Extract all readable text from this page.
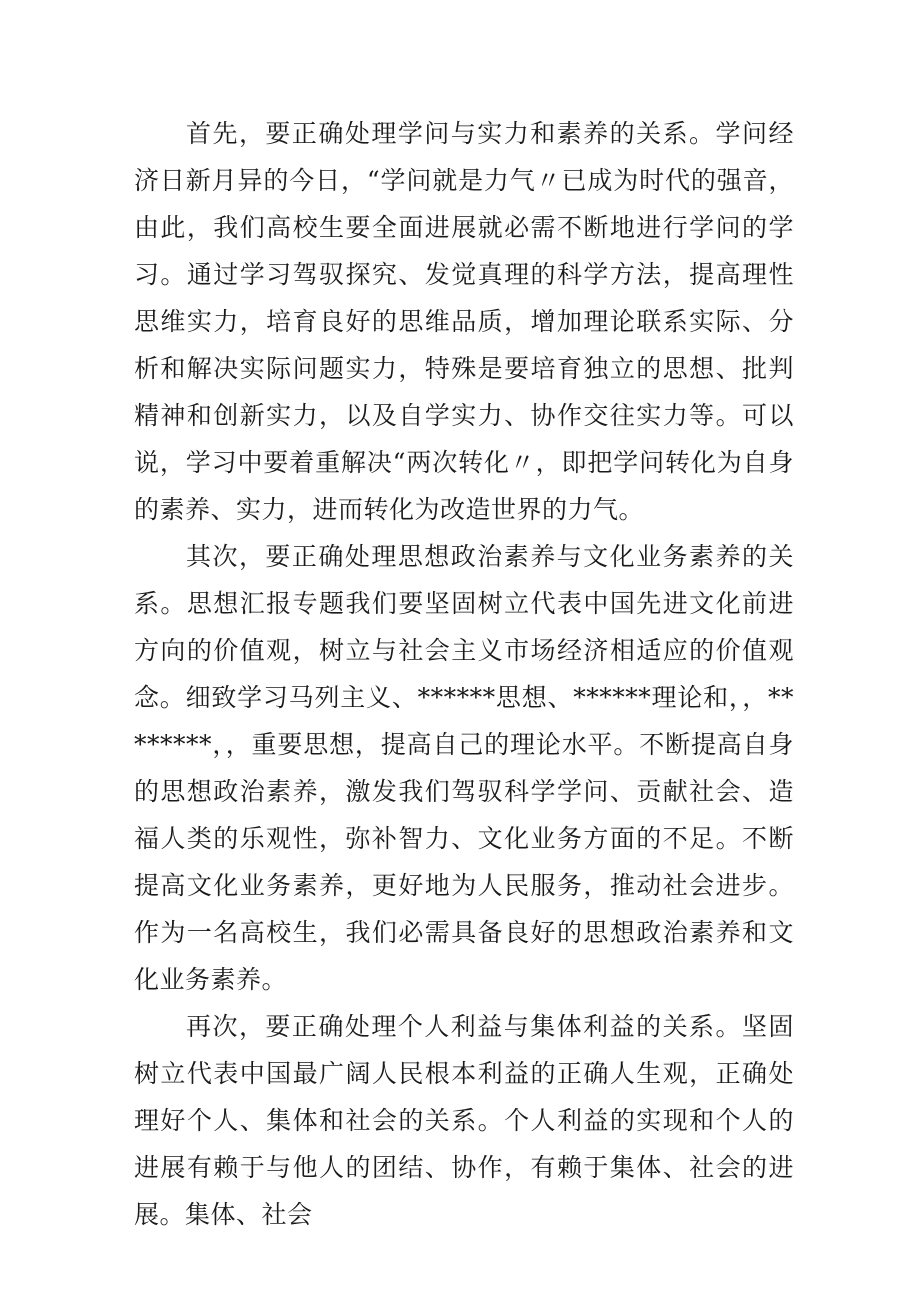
首先，要正确处理学问与实力和素养的关系。学问经济日新月异的今日，“学问就是力气〃已成为时代的强音，由此，我们高校生要全面进展就必需不断地进行学问的学习。通过学习驾驭探究、发觉真理的科学方法，提高理性思维实力，培育良好的思维品质，增加理论联系实际、分析和解决实际问题实力，特殊是要培育独立的思想、批判精神和创新实力，以及自学实力、协作交往实力等。可以说，学习中要着重解决“两次转化〃，即把学问转化为自身的素养、实力，进而转化为改造世界的力气。

其次，要正确处理思想政治素养与文化业务素养的关系。思想汇报专题我们要坚固树立代表中国先进文化前进方向的价值观，树立与社会主义市场经济相适应的价值观念。细致学习马列主义、******思想、******理论和，，********，，重要思想，提高自己的理论水平。不断提高自身的思想政治素养，激发我们驾驭科学学问、贡献社会、造福人类的乐观性，弥补智力、文化业务方面的不足。不断提高文化业务素养，更好地为人民服务，推动社会进步。作为一名高校生，我们必需具备良好的思想政治素养和文化业务素养。

再次，要正确处理个人利益与集体利益的关系。坚固树立代表中国最广阔人民根本利益的正确人生观，正确处理好个人、集体和社会的关系。个人利益的实现和个人的进展有赖于与他人的团结、协作，有赖于集体、社会的进展。集体、社会
